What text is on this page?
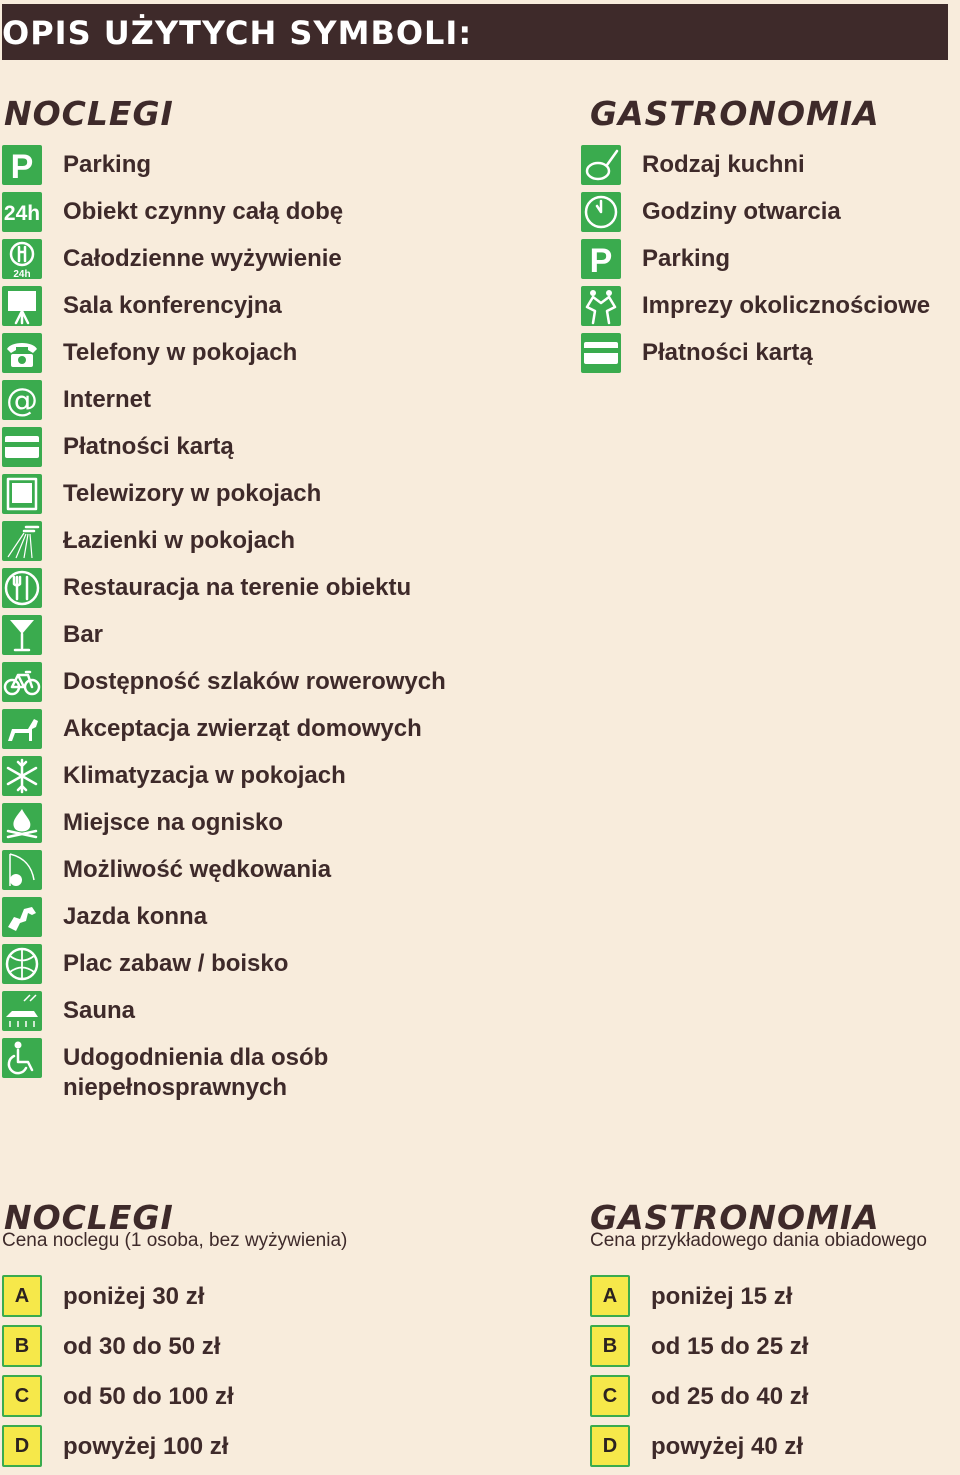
OPIS UŻYTYCH SYMBOLI:
NOCLEGI	GASTRONOMIA
P Parking
24h Obiekt czynny całą dobę
24h
Całodzienne wyżywienie
Sala konferencyjna
Telefony w pokojach
@ Internet
Płatności kartą
Telewizory w pokojach
Łazienki w pokojach
Restauracja na terenie obiektu
Bar
Dostępność szlaków rowerowych
Akceptacja zwierząt domowych
Klimatyzacja w pokojach
Miejsce na ognisko
Możliwość wędkowania
Jazda konna
Plac zabaw / boisko
Sauna
Udogodnienia dla osób
niepełnosprawnych
Rodzaj kuchni
Godziny otwarcia
P Parking
Imprezy okolicznościowe
Płatności kartą
NOCLEGI
Cena noclegu (1 osoba, bez wyżywienia)
GASTRONOMIA
Cena przykładowego dania obiadowego
A	poniżej 30 zł
B	od 30 do 50 zł
C	od 50 do 100 zł
D	powyżej 100 zł
A	poniżej 15 zł
B	od 15 do 25 zł
C	od 25 do 40 zł
D	powyżej 40 zł
